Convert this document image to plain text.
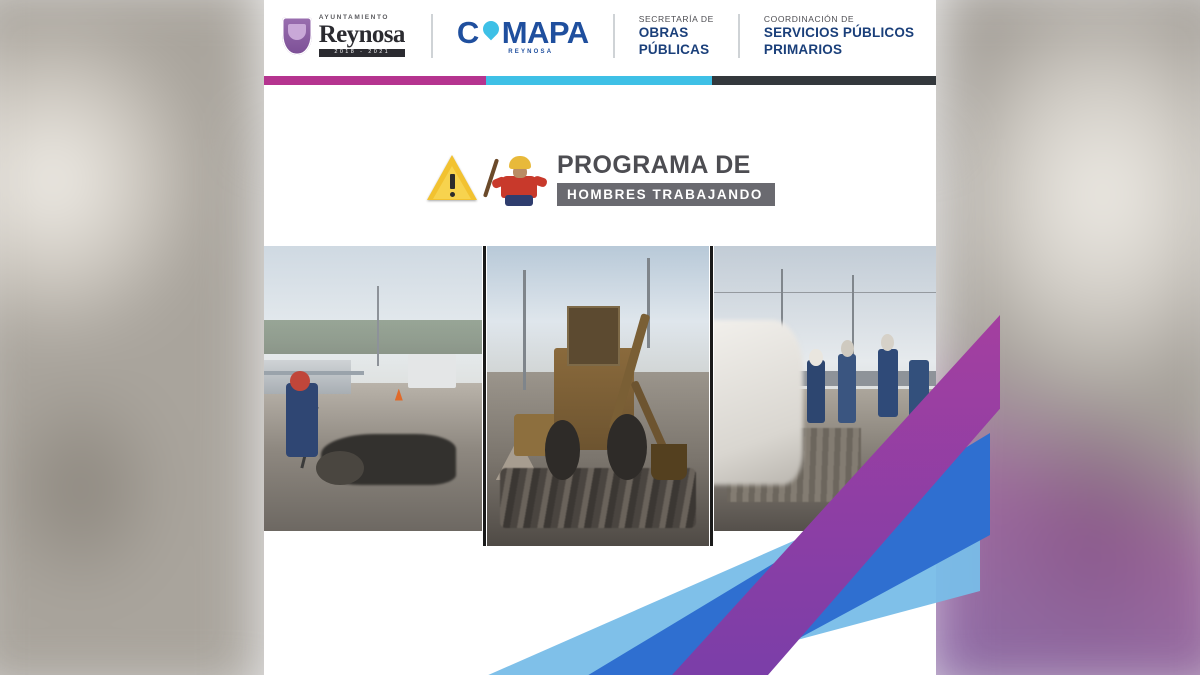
AYUNTAMIENTO
Reynosa
2018 - 2021
C MAPA
REYNOSA
SECRETARÍA DE
OBRAS
PÚBLICAS
COORDINACIÓN DE
SERVICIOS PÚBLICOS
PRIMARIOS
PROGRAMA DE
HOMBRES TRABAJANDO
